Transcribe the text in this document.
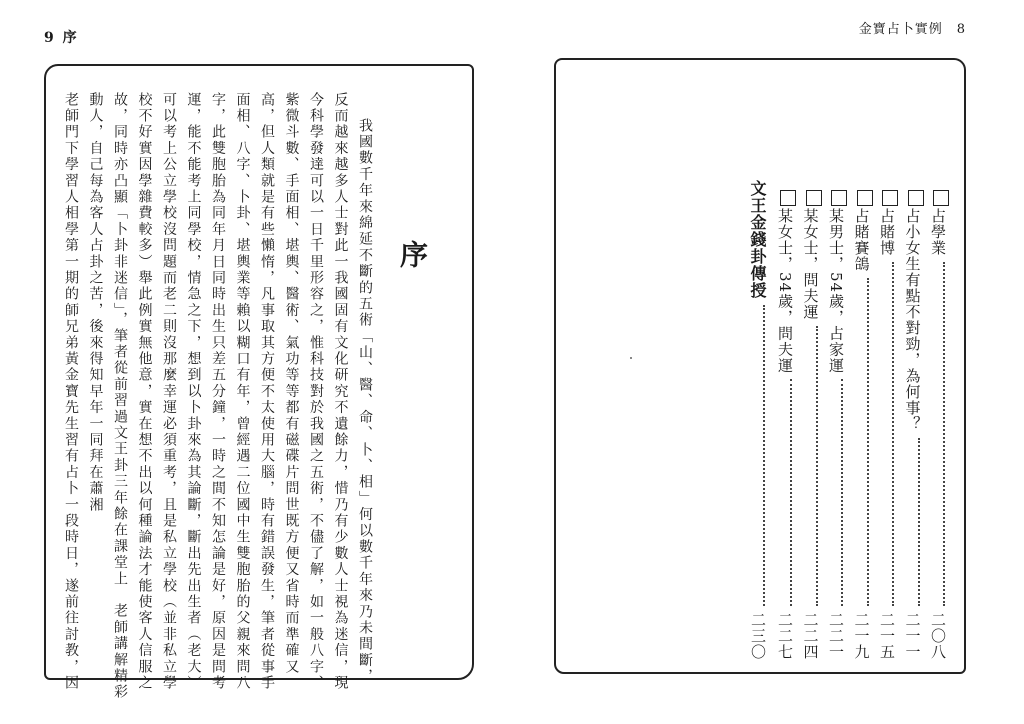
9 序
金寶占卜實例　8
序
我國數千年來綿延不斷的五術「山、醫、命、卜、相」何以數千年來乃未間斷，
反而越來越多人士對此一我國固有文化研究不遺餘力，惜乃有少數人士視為迷信，現
今科學發達可以一日千里形容之，惟科技對於我國之五術，不儘了解，如一般八字、
紫微斗數、手面相、堪輿、醫術、氣功等等都有磁碟片問世既方便又省時而準確又
高，但人類就是有些懶惰，凡事取其方便不太使用大腦，時有錯誤發生，筆者從事手
面相、八字、卜卦、堪輿業等賴以糊口有年，曾經遇二位國中生雙胞胎的父親來問八
字，此雙胞胎為同年月日同時出生只差五分鐘，一時之間不知怎論是好，原因是問考
運，能不能考上同學校，情急之下，想到以卜卦來為其論斷，斷出先出生者（老大）
可以考上公立學校沒問題而老二則沒那麼幸運必須重考，且是私立學校（並非私立學
校不好實因學雜費較多）舉此例實無他意，實在想不出以何種論法才能使客人信服之
故，同時亦凸顯「卜卦非迷信」，筆者從前習過文王卦三年餘在課堂上　老師講解精彩
動人，自己每為客人占卦之苦，後來得知早年一同拜在蕭湘
老師門下學習人相學第一期的師兄弟黃金寶先生習有占卜一段時日，遂前往討教，因	占學業
二〇八
占小女生有點不對勁，為何事？
二一一
占賭博
二一五
占賭賽鴿
二一九
某男士，54歲，占家運
二二一
某女士，問夫運
二二四
某女士，34歲，問夫運
二二七
文王金錢卦傳授
二三〇
